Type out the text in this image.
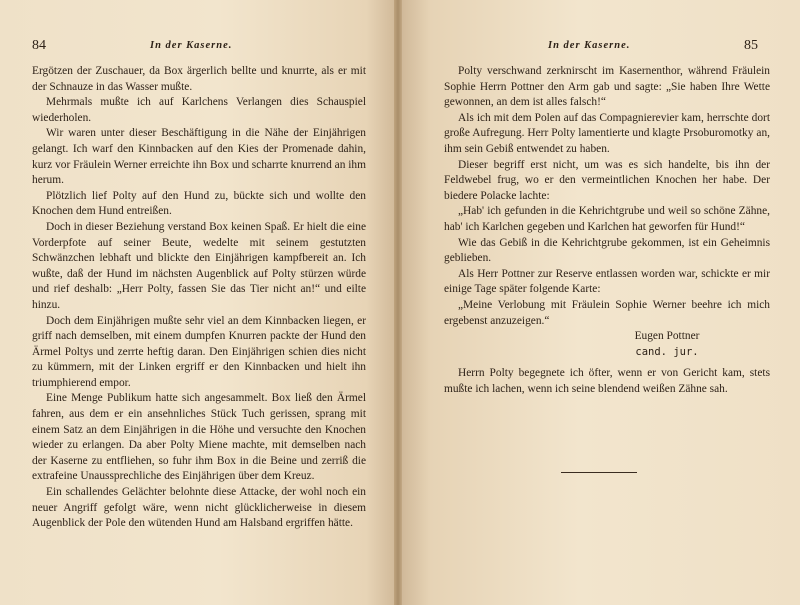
84	In der Kaserne.

Ergötzen der Zuschauer, da Box ärgerlich bellte und knurrte, als er mit der Schnauze in das Wasser mußte.

Mehrmals mußte ich auf Karlchens Verlangen dies Schauspiel wiederholen.

Wir waren unter dieser Beschäftigung in die Nähe der Einjährigen gelangt. Ich warf den Kinnbacken auf den Kies der Promenade dahin, kurz vor Fräulein Werner erreichte ihn Box und scharrte knurrend an ihm herum.

Plötzlich lief Polty auf den Hund zu, bückte sich und wollte den Knochen dem Hund entreißen.

Doch in dieser Beziehung verstand Box keinen Spaß. Er hielt die eine Vorderpfote auf seiner Beute, wedelte mit seinem gestutzten Schwänzchen lebhaft und blickte den Einjährigen kampfbereit an. Ich wußte, daß der Hund im nächsten Augenblick auf Polty stürzen würde und rief deshalb: „Herr Polty, fassen Sie das Tier nicht an!“ und eilte hinzu.

Doch dem Einjährigen mußte sehr viel an dem Kinnbacken liegen, er griff nach demselben, mit einem dumpfen Knurren packte der Hund den Ärmel Poltys und zerrte heftig daran. Den Einjährigen schien dies nicht zu kümmern, mit der Linken ergriff er den Kinnbacken und hielt ihn triumphierend empor.

Eine Menge Publikum hatte sich angesammelt. Box ließ den Ärmel fahren, aus dem er ein ansehnliches Stück Tuch gerissen, sprang mit einem Satz an dem Einjährigen in die Höhe und versuchte den Knochen wieder zu erlangen. Da aber Polty Miene machte, mit demselben nach der Kaserne zu entfliehen, so fuhr ihm Box in die Beine und zerriß die extrafeine Unaussprechliche des Einjährigen über dem Kreuz.

Ein schallendes Gelächter belohnte diese Attacke, der wohl noch ein neuer Angriff gefolgt wäre, wenn nicht glücklicherweise in diesem Augenblick der Pole den wütenden Hund am Halsband ergriffen hätte.

In der Kaserne.	85

Polty verschwand zerknirscht im Kasernenthor, während Fräulein Sophie Herrn Pottner den Arm gab und sagte: „Sie haben Ihre Wette gewonnen, an dem ist alles falsch!“

Als ich mit dem Polen auf das Compagnierevier kam, herrschte dort große Aufregung. Herr Polty lamentierte und klagte Prsoburomotky an, ihm sein Gebiß entwendet zu haben.

Dieser begriff erst nicht, um was es sich handelte, bis ihn der Feldwebel frug, wo er den vermeintlichen Knochen her habe. Der biedere Polacke lachte:

„Hab' ich gefunden in die Kehrichtgrube und weil so schöne Zähne, hab' ich Karlchen gegeben und Karlchen hat geworfen für Hund!“

Wie das Gebiß in die Kehrichtgrube gekommen, ist ein Geheimnis geblieben.

Als Herr Pottner zur Reserve entlassen worden war, schickte er mir einige Tage später folgende Karte:

„Meine Verlobung mit Fräulein Sophie Werner beehre ich mich ergebenst anzuzeigen.“

Eugen Pottner

cand. jur.

Herrn Polty begegnete ich öfter, wenn er von Gericht kam, stets mußte ich lachen, wenn ich seine blendend weißen Zähne sah.
